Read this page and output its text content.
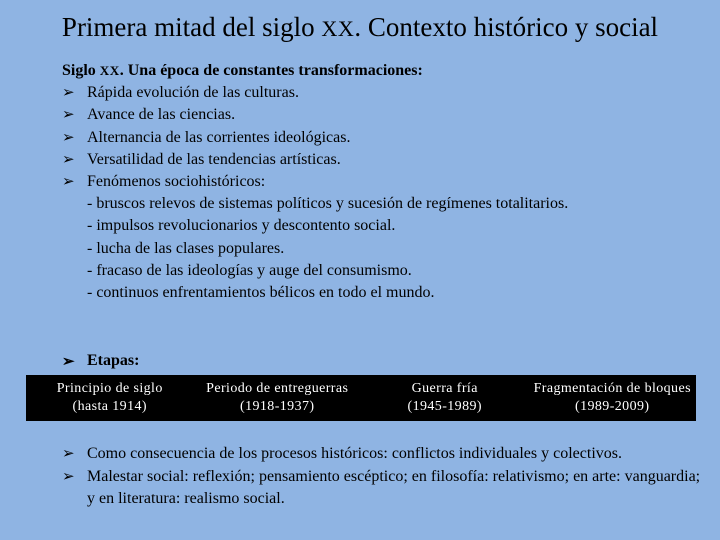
Primera mitad del siglo XX. Contexto histórico y social
Siglo XX. Una época de constantes transformaciones:
➢ Rápida evolución de las culturas.
➢ Avance de las ciencias.
➢ Alternancia de las corrientes ideológicas.
➢ Versatilidad de las tendencias artísticas.
➢ Fenómenos sociohistóricos:
- bruscos relevos de sistemas políticos y sucesión de regímenes totalitarios.
- impulsos revolucionarios y descontento social.
- lucha de las clases populares.
- fracaso de las ideologías y auge del consumismo.
- continuos enfrentamientos bélicos en todo el mundo.
➢ Etapas:
Principio de siglo
(hasta 1914)
Periodo de entreguerras
(1918-1937)
Guerra fría
(1945-1989)
Fragmentación de bloques
(1989-2009)
➢ Como consecuencia de los procesos históricos: conflictos individuales y colectivos.
➢ Malestar social: reflexión; pensamiento escéptico; en filosofía: relativismo; en arte: vanguardia; y en literatura: realismo social.
